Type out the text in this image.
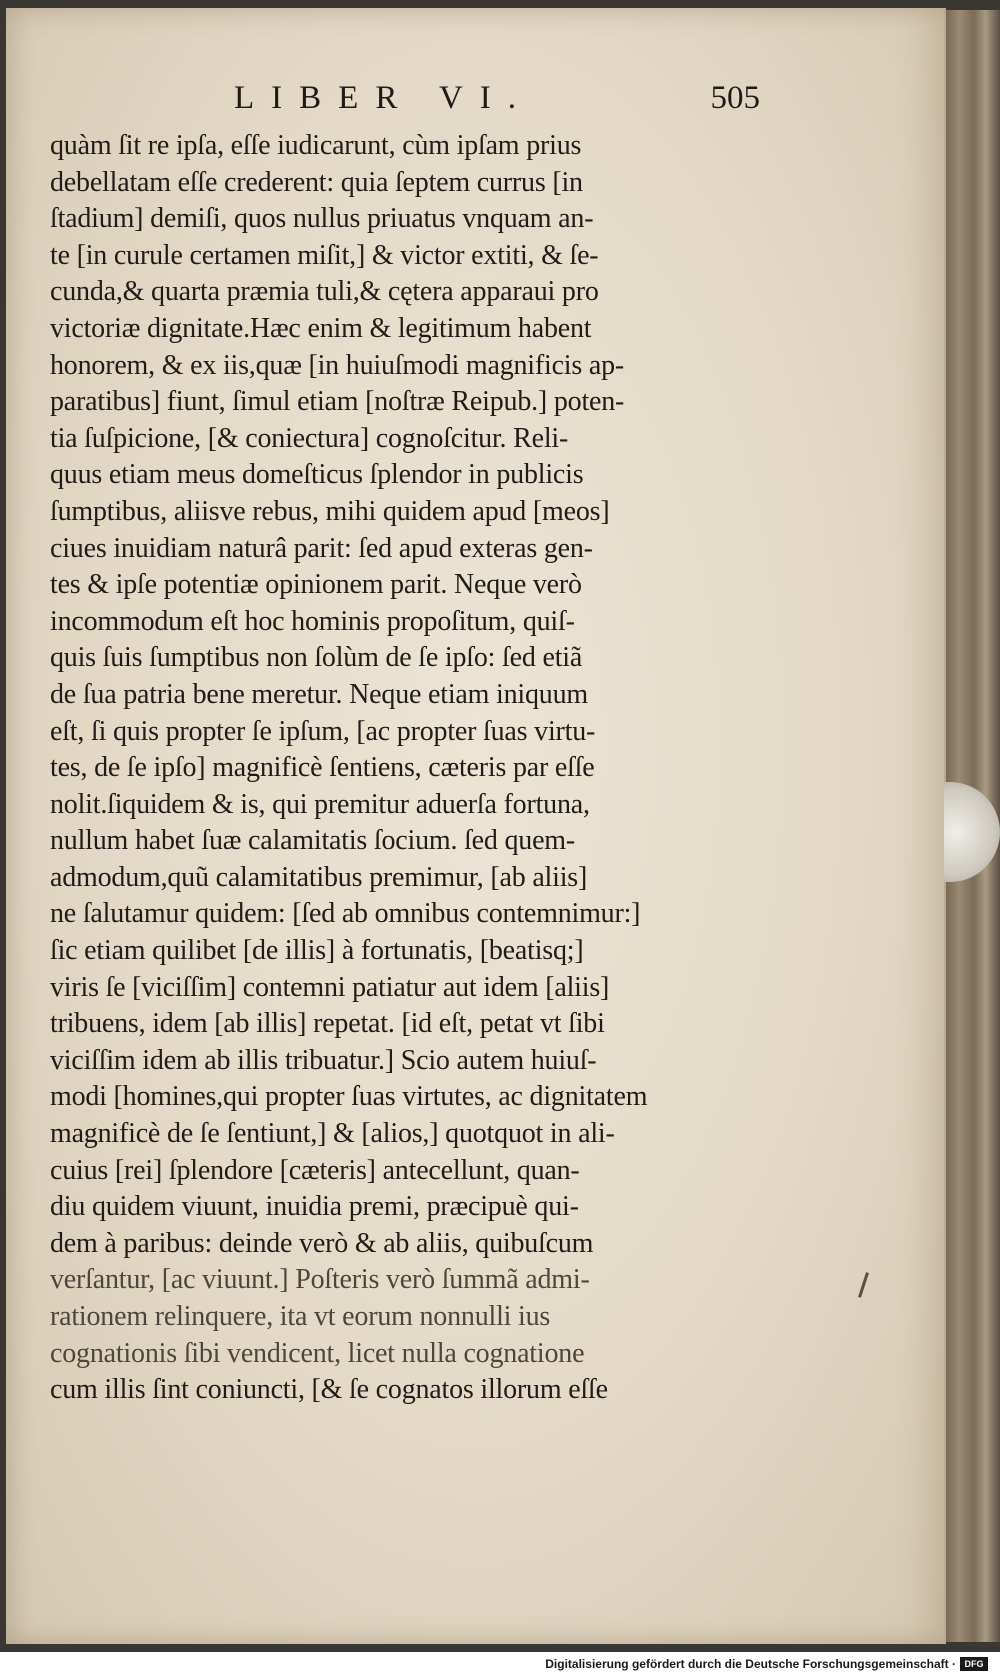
LIBER VI.	505
quàm ſit re ipſa, eſſe iudicarunt, cùm ipſam prius
debellatam eſſe crederent: quia ſeptem currus [in
ſtadium] demiſi, quos nullus priuatus vnquam an-
te [in curule certamen miſit,] & victor extiti, & ſe-
cunda,& quarta præmia tuli,& cętera apparaui pro
victoriæ dignitate.Hæc enim & legitimum habent
honorem, & ex iis,quæ [in huiuſmodi magnificis ap-
paratibus] fiunt, ſimul etiam [noſtræ Reipub.] poten-
tia ſuſpicione, [& coniectura] cognoſcitur. Reli-
quus etiam meus domeſticus ſplendor in publicis
ſumptibus, aliisve rebus, mihi quidem apud [meos]
ciues inuidiam naturâ parit: ſed apud exteras gen-
tes & ipſe potentiæ opinionem parit. Neque verò
incommodum eſt hoc hominis propoſitum, quiſ-
quis ſuis ſumptibus non ſolùm de ſe ipſo: ſed etiã
de ſua patria bene meretur. Neque etiam iniquum
eſt, ſi quis propter ſe ipſum, [ac propter ſuas virtu-
tes, de ſe ipſo] magnificè ſentiens, cæteris par eſſe
nolit.ſiquidem & is, qui premitur aduerſa fortuna,
nullum habet ſuæ calamitatis ſocium. ſed quem-
admodum,quũ calamitatibus premimur, [ab aliis]
ne ſalutamur quidem: [ſed ab omnibus contemnimur:]
ſic etiam quilibet [de illis] à fortunatis, [beatisq;]
viris ſe [viciſſim] contemni patiatur aut idem [aliis]
tribuens, idem [ab illis] repetat. [id eſt, petat vt ſibi
viciſſim idem ab illis tribuatur.] Scio autem huiuſ-
modi [homines,qui propter ſuas virtutes, ac dignitatem
magnificè de ſe ſentiunt,] & [alios,] quotquot in ali-
cuius [rei] ſplendore [cæteris] antecellunt, quan-
diu quidem viuunt, inuidia premi, præcipuè qui-
dem à paribus: deinde verò & ab aliis, quibuſcum
verſantur, [ac viuunt.] Poſteris verò ſummã admi-
rationem relinquere, ita vt eorum nonnulli ius
cognationis ſibi vendicent, licet nulla cognatione
cum illis ſint coniuncti, [& ſe cognatos illorum eſſe
Digitalisierung gefördert durch die Deutsche Forschungsgemeinschaft · DFG
